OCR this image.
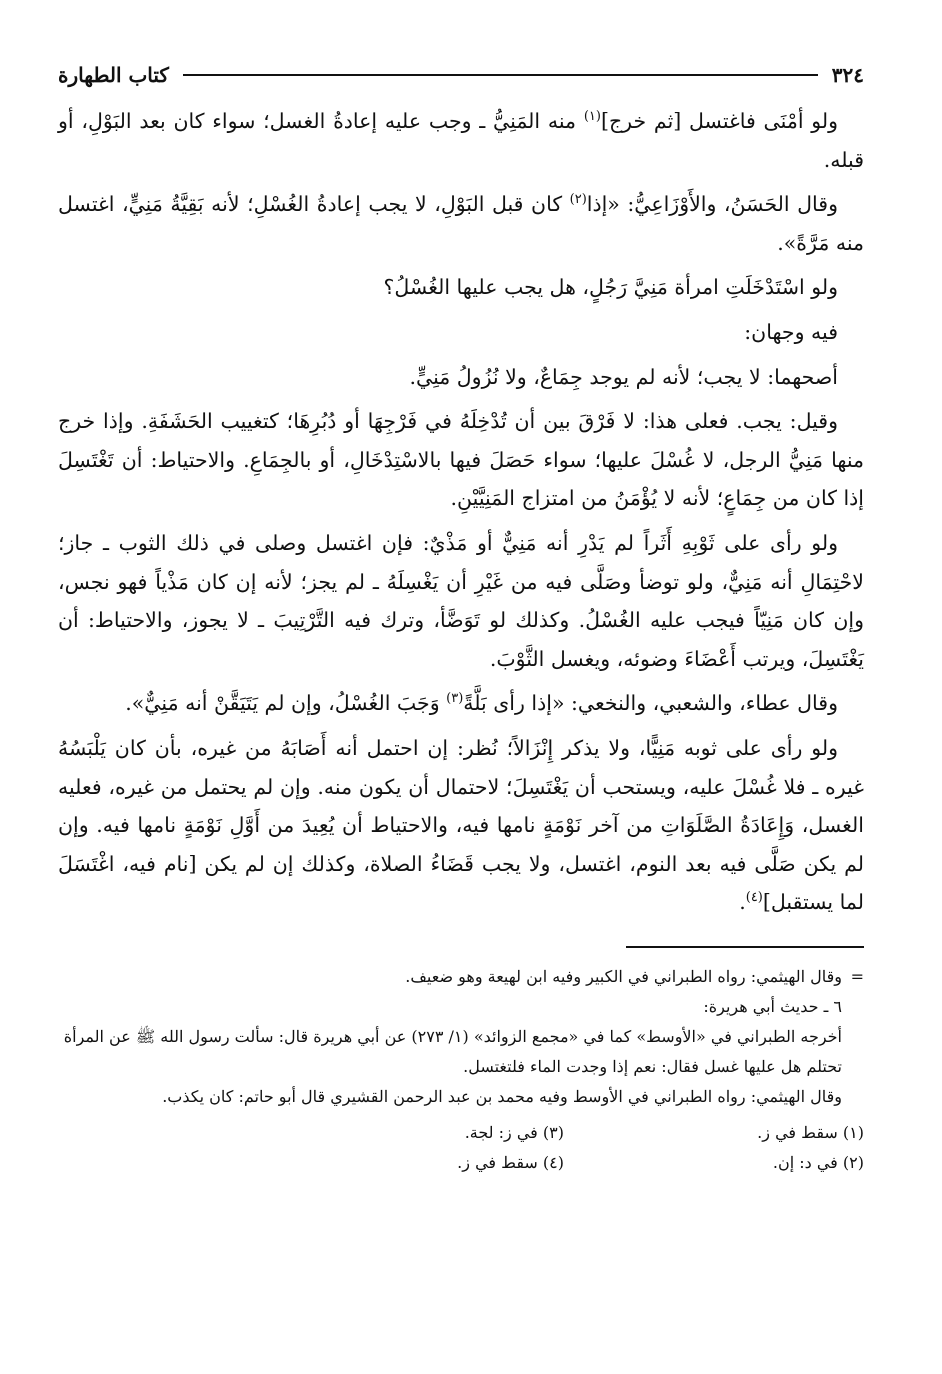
٣٢٤
كتاب الطهارة

ولو أمْنَى فاغتسل [ثم خرج]$^{(١)}$ منه المَنِيُّ ـ وجب عليه إعادةُ الغسل؛ سواء كان بعد البَوْلِ، أو قبله.

وقال الحَسَنُ، والأَوْزَاعِيُّ: «إذا$^{(٢)}$ كان قبل البَوْلِ، لا يجب إعادةُ الغُسْلِ؛ لأنه بَقِيَّةُ مَنِيٍّ، اغتسل منه مَرَّةً».

ولو اسْتَدْخَلَتِ امرأة مَنِيَّ رَجُلٍ، هل يجب عليها الغُسْلُ؟

فيه وجهان:

أصحهما: لا يجب؛ لأنه لم يوجد جِمَاعٌ، ولا نُزُولُ مَنِيٍّ.

وقيل: يجب. فعلى هذا: لا فَرْقَ بين أن تُدْخِلَهُ في فَرْجِهَا أو دُبُرِهَا؛ كتغييب الحَشَفَةِ. وإذا خرج منها مَنِيُّ الرجل، لا غُسْلَ عليها؛ سواء حَصَلَ فيها بالاسْتِدْخَالِ، أو بالجِمَاعِ. والاحتياط: أن تَغْتَسِلَ إذا كان من جِمَاعٍ؛ لأنه لا يُؤْمَنُ من امتزاج المَنِيَّيْنِ.

ولو رأى على ثَوْبِهِ أَثَراً لم يَدْرِ أنه مَنِيٌّ أو مَذْيٌ: فإن اغتسل وصلى في ذلك الثوب ـ جاز؛ لاحْتِمَالِ أنه مَنِيٌّ، ولو توضأ وصَلَّى فيه من غَيْرِ أن يَغْسِلَهُ ـ لم يجز؛ لأنه إن كان مَذْياً فهو نجس، وإن كان مَنِيّاً فيجب عليه الغُسْلُ. وكذلك لو تَوَضَّأ، وترك فيه التَّرْتِيبَ ـ لا يجوز، والاحتياط: أن يَغْتَسِلَ، ويرتب أَعْضَاءَ وضوئه، ويغسل الثَّوْبَ.

وقال عطاء، والشعبي، والنخعي: «إذا رأى بَلَّةً$^{(٣)}$ وَجَبَ الغُسْلُ، وإن لم يَتَيَقَّنْ أنه مَنِيٌّ».

ولو رأى على ثوبه مَنِيًّا، ولا يذكر إِنْزَالاً؛ نُظر: إن احتمل أنه أَصَابَهُ من غيره، بأن كان يَلْبَسُهُ غيره ـ فلا غُسْلَ عليه، ويستحب أن يَغْتَسِلَ؛ لاحتمال أن يكون منه. وإن لم يحتمل من غيره، فعليه الغسل، وَإِعَادَةُ الصَّلَوَاتِ من آخر نَوْمَةٍ نامها فيه، والاحتياط أن يُعِيدَ من أَوَّلِ نَوْمَةٍ نامها فيه. وإن لم يكن صَلَّى فيه بعد النوم، اغتسل، ولا يجب قَضَاءُ الصلاة، وكذلك إن لم يكن [نام فيه، اغْتَسَلَ لما يستقبل]$^{(٤)}$.

=وقال الهيثمي: رواه الطبراني في الكبير وفيه ابن لهيعة وهو ضعيف.

٦ ـ حديث أبي هريرة:

أخرجه الطبراني في «الأوسط» كما في «مجمع الزوائد» (١/ ٢٧٣) عن أبي هريرة قال: سألت رسول الله ﷺ عن المرأة تحتلم هل عليها غسل فقال: نعم إذا وجدت الماء فلتغتسل.

وقال الهيثمي: رواه الطبراني في الأوسط وفيه محمد بن عبد الرحمن القشيري قال أبو حاتم: كان يكذب.

(١) سقط في ز.
(٣) في ز: لجة.
(٢) في د: إن.
(٤) سقط في ز.
